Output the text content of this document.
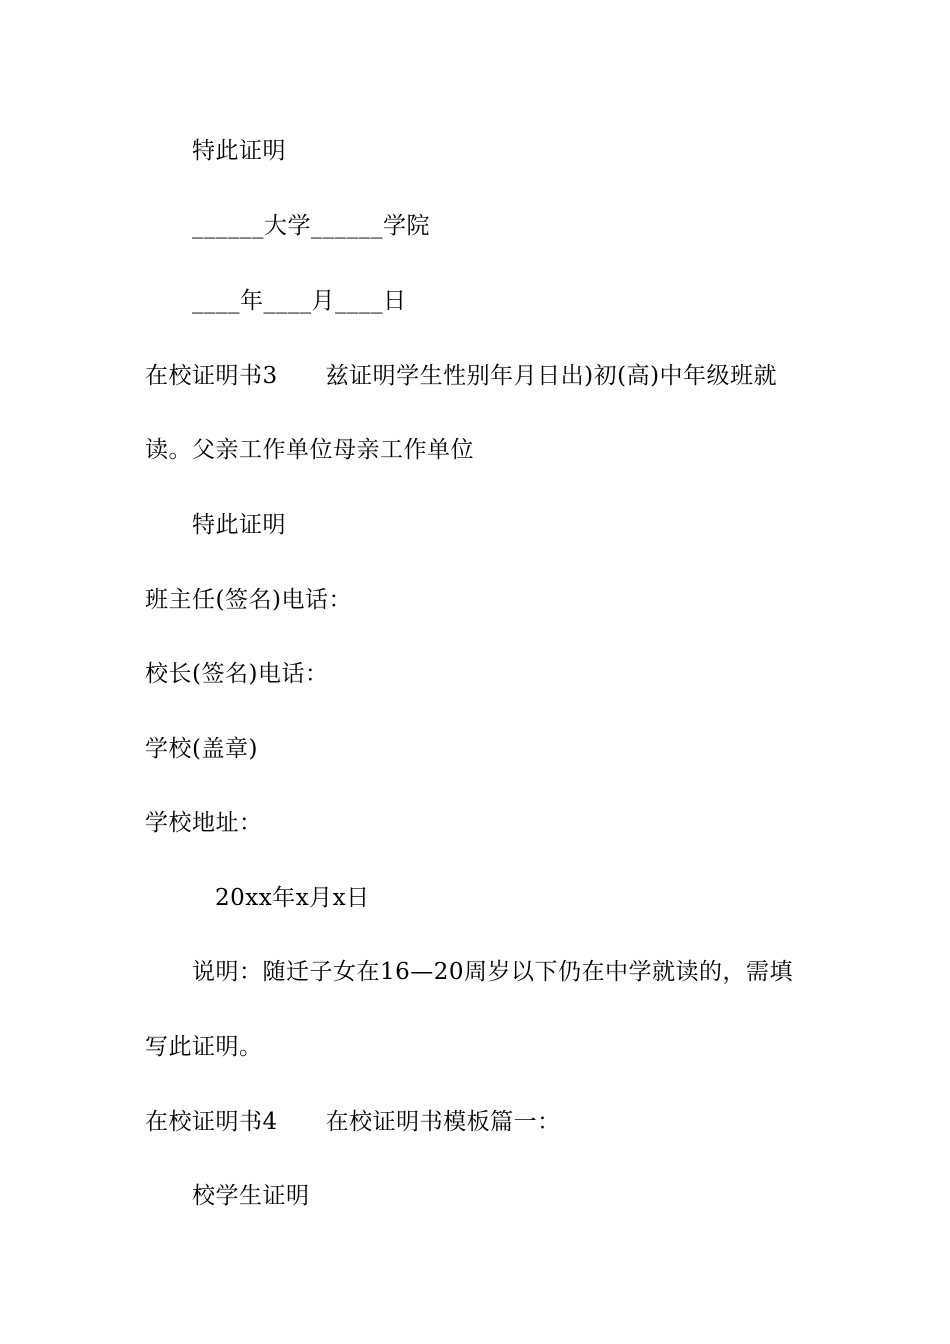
特此证明
______大学______学院
____年____月____日
在校证明书3 兹证明学生性别年月日出)初(高)中年级班就
读。父亲工作单位母亲工作单位
特此证明
班主任(签名)电话：
校长(签名)电话：
学校(盖章)
学校地址：
20xx年x月x日
说明：随迁子女在16—20周岁以下仍在中学就读的，需填
写此证明。
在校证明书4 在校证明书模板篇一：
校学生证明
